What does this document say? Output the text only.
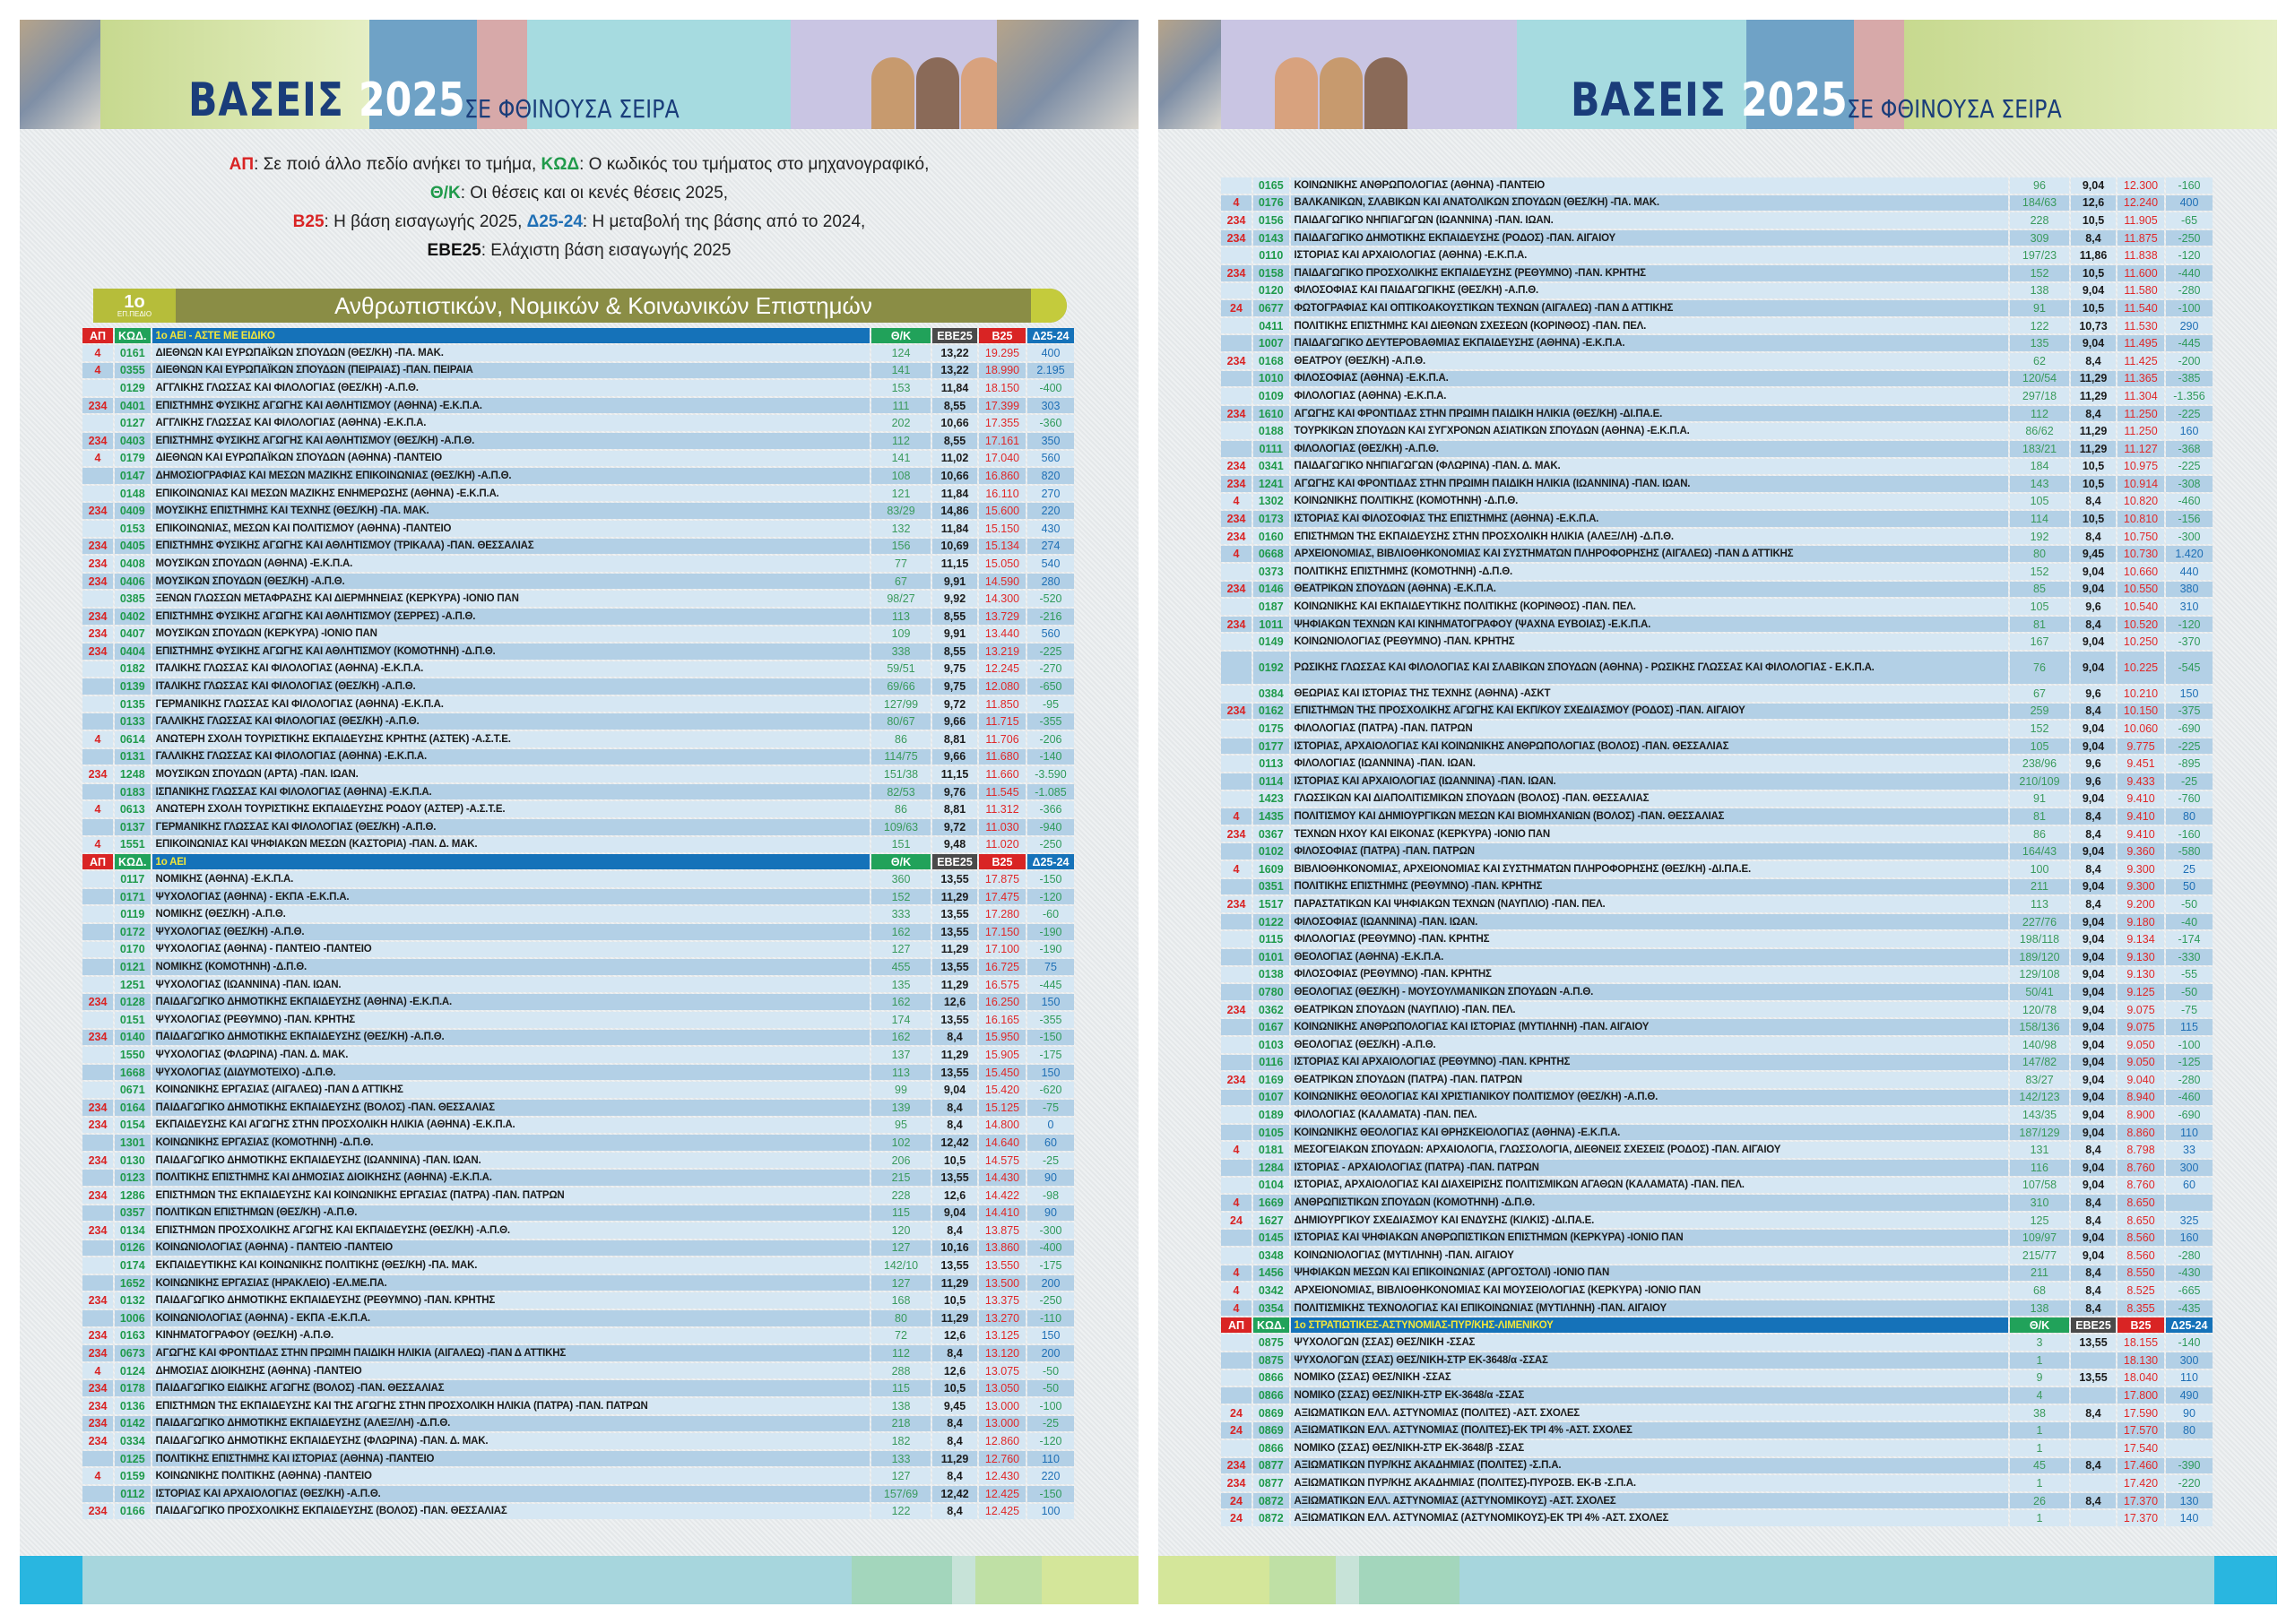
ΒΑΣΕΙΣ 2025 ΣΕ ΦΘΙΝΟΥΣΑ ΣΕΙΡΑ
ΑΠ: Σε ποιό άλλο πεδίο ανήκει το τμήμα, ΚΩΔ: Ο κωδικός του τμήματος στο μηχανογραφικό,
Θ/Κ: Οι θέσεις και οι κενές θέσεις 2025,
Β25: Η βάση εισαγωγής 2025, Δ25-24: Η μεταβολή της βάσης από το 2024,
ΕΒΕ25: Ελάχιστη βάση εισαγωγής 2025
1ο
ΕΠ.ΠΕΔΙΟ	Ανθρωπιστικών, Νομικών & Κοινωνικών Επιστημών
ΑΠ	ΚΩΔ.	1ο ΑΕΙ - ΑΣΤΕ ΜΕ ΕΙΔΙΚΟ	Θ/Κ	ΕΒΕ25	Β25	Δ25-24
4	0161	ΔΙΕΘΝΩΝ ΚΑΙ ΕΥΡΩΠΑΪΚΩΝ ΣΠΟΥΔΩΝ (ΘΕΣ/ΚΗ) -ΠΑ. ΜΑΚ.	124	13,22	19.295	400
4	0355	ΔΙΕΘΝΩΝ ΚΑΙ ΕΥΡΩΠΑΪΚΩΝ ΣΠΟΥΔΩΝ (ΠΕΙΡΑΙΑΣ) -ΠΑΝ. ΠΕΙΡΑΙΑ	141	13,22	18.990	2.195
	0129	ΑΓΓΛΙΚΗΣ ΓΛΩΣΣΑΣ ΚΑΙ ΦΙΛΟΛΟΓΙΑΣ (ΘΕΣ/ΚΗ) -Α.Π.Θ.	153	11,84	18.150	-400
234	0401	ΕΠΙΣΤΗΜΗΣ ΦΥΣΙΚΗΣ ΑΓΩΓΗΣ ΚΑΙ ΑΘΛΗΤΙΣΜΟΥ (ΑΘΗΝΑ) -Ε.Κ.Π.Α.	111	8,55	17.399	303
	0127	ΑΓΓΛΙΚΗΣ ΓΛΩΣΣΑΣ ΚΑΙ ΦΙΛΟΛΟΓΙΑΣ (ΑΘΗΝΑ) -Ε.Κ.Π.Α.	202	10,66	17.355	-360
234	0403	ΕΠΙΣΤΗΜΗΣ ΦΥΣΙΚΗΣ ΑΓΩΓΗΣ ΚΑΙ ΑΘΛΗΤΙΣΜΟΥ (ΘΕΣ/ΚΗ) -Α.Π.Θ.	112	8,55	17.161	350
4	0179	ΔΙΕΘΝΩΝ ΚΑΙ ΕΥΡΩΠΑΪΚΩΝ ΣΠΟΥΔΩΝ (ΑΘΗΝΑ) -ΠΑΝΤΕΙΟ	141	11,02	17.040	560
	0147	ΔΗΜΟΣΙΟΓΡΑΦΙΑΣ ΚΑΙ ΜΕΣΩΝ ΜΑΖΙΚΗΣ ΕΠΙΚΟΙΝΩΝΙΑΣ (ΘΕΣ/ΚΗ) -Α.Π.Θ.	108	10,66	16.860	820
	0148	ΕΠΙΚΟΙΝΩΝΙΑΣ ΚΑΙ ΜΕΣΩΝ ΜΑΖΙΚΗΣ ΕΝΗΜΕΡΩΣΗΣ (ΑΘΗΝΑ) -Ε.Κ.Π.Α.	121	11,84	16.110	270
234	0409	ΜΟΥΣΙΚΗΣ ΕΠΙΣΤΗΜΗΣ ΚΑΙ ΤΕΧΝΗΣ (ΘΕΣ/ΚΗ) -ΠΑ. ΜΑΚ.	83/29	14,86	15.600	220
	0153	ΕΠΙΚΟΙΝΩΝΙΑΣ, ΜΕΣΩΝ ΚΑΙ ΠΟΛΙΤΙΣΜΟΥ (ΑΘΗΝΑ) -ΠΑΝΤΕΙΟ	132	11,84	15.150	430
234	0405	ΕΠΙΣΤΗΜΗΣ ΦΥΣΙΚΗΣ ΑΓΩΓΗΣ ΚΑΙ ΑΘΛΗΤΙΣΜΟΥ (ΤΡΙΚΑΛΑ) -ΠΑΝ. ΘΕΣΣΑΛΙΑΣ	156	10,69	15.134	274
234	0408	ΜΟΥΣΙΚΩΝ ΣΠΟΥΔΩΝ (ΑΘΗΝΑ) -Ε.Κ.Π.Α.	77	11,15	15.050	540
234	0406	ΜΟΥΣΙΚΩΝ ΣΠΟΥΔΩΝ (ΘΕΣ/ΚΗ) -Α.Π.Θ.	67	9,91	14.590	280
	0385	ΞΕΝΩΝ ΓΛΩΣΣΩΝ ΜΕΤΑΦΡΑΣΗΣ ΚΑΙ ΔΙΕΡΜΗΝΕΙΑΣ (ΚΕΡΚΥΡΑ) -ΙΟΝΙΟ ΠΑΝ	98/27	9,92	14.300	-520
234	0402	ΕΠΙΣΤΗΜΗΣ ΦΥΣΙΚΗΣ ΑΓΩΓΗΣ ΚΑΙ ΑΘΛΗΤΙΣΜΟΥ (ΣΕΡΡΕΣ) -Α.Π.Θ.	113	8,55	13.729	-216
234	0407	ΜΟΥΣΙΚΩΝ ΣΠΟΥΔΩΝ (ΚΕΡΚΥΡΑ) -ΙΟΝΙΟ ΠΑΝ	109	9,91	13.440	560
234	0404	ΕΠΙΣΤΗΜΗΣ ΦΥΣΙΚΗΣ ΑΓΩΓΗΣ ΚΑΙ ΑΘΛΗΤΙΣΜΟΥ (ΚΟΜΟΤΗΝΗ) -Δ.Π.Θ.	338	8,55	13.219	-225
	0182	ΙΤΑΛΙΚΗΣ ΓΛΩΣΣΑΣ ΚΑΙ ΦΙΛΟΛΟΓΙΑΣ (ΑΘΗΝΑ) -Ε.Κ.Π.Α.	59/51	9,75	12.245	-270
	0139	ΙΤΑΛΙΚΗΣ ΓΛΩΣΣΑΣ ΚΑΙ ΦΙΛΟΛΟΓΙΑΣ (ΘΕΣ/ΚΗ) -Α.Π.Θ.	69/66	9,75	12.080	-650
	0135	ΓΕΡΜΑΝΙΚΗΣ ΓΛΩΣΣΑΣ ΚΑΙ ΦΙΛΟΛΟΓΙΑΣ (ΑΘΗΝΑ) -Ε.Κ.Π.Α.	127/99	9,72	11.850	-95
	0133	ΓΑΛΛΙΚΗΣ ΓΛΩΣΣΑΣ ΚΑΙ ΦΙΛΟΛΟΓΙΑΣ (ΘΕΣ/ΚΗ) -Α.Π.Θ.	80/67	9,66	11.715	-355
4	0614	ΑΝΩΤΕΡΗ ΣΧΟΛΗ ΤΟΥΡΙΣΤΙΚΗΣ ΕΚΠΑΙΔΕΥΣΗΣ ΚΡΗΤΗΣ (ΑΣΤΕΚ) -Α.Σ.Τ.Ε.	86	8,81	11.706	-206
	0131	ΓΑΛΛΙΚΗΣ ΓΛΩΣΣΑΣ ΚΑΙ ΦΙΛΟΛΟΓΙΑΣ (ΑΘΗΝΑ) -Ε.Κ.Π.Α.	114/75	9,66	11.680	-140
234	1248	ΜΟΥΣΙΚΩΝ ΣΠΟΥΔΩΝ (ΑΡΤΑ) -ΠΑΝ. ΙΩΑΝ.	151/38	11,15	11.660	-3.590
	0183	ΙΣΠΑΝΙΚΗΣ ΓΛΩΣΣΑΣ ΚΑΙ ΦΙΛΟΛΟΓΙΑΣ (ΑΘΗΝΑ) -Ε.Κ.Π.Α.	82/53	9,76	11.545	-1.085
4	0613	ΑΝΩΤΕΡΗ ΣΧΟΛΗ ΤΟΥΡΙΣΤΙΚΗΣ ΕΚΠΑΙΔΕΥΣΗΣ ΡΟΔΟΥ (ΑΣΤΕΡ) -Α.Σ.Τ.Ε.	86	8,81	11.312	-366
	0137	ΓΕΡΜΑΝΙΚΗΣ ΓΛΩΣΣΑΣ ΚΑΙ ΦΙΛΟΛΟΓΙΑΣ (ΘΕΣ/ΚΗ) -Α.Π.Θ.	109/63	9,72	11.030	-940
4	1551	ΕΠΙΚΟΙΝΩΝΙΑΣ ΚΑΙ ΨΗΦΙΑΚΩΝ ΜΕΣΩΝ (ΚΑΣΤΟΡΙΑ) -ΠΑΝ. Δ. ΜΑΚ.	151	9,48	11.020	-250
ΑΠ	ΚΩΔ.	1ο ΑΕΙ	Θ/Κ	ΕΒΕ25	Β25	Δ25-24
	0117	ΝΟΜΙΚΗΣ (ΑΘΗΝΑ) -Ε.Κ.Π.Α.	360	13,55	17.875	-150
	0171	ΨΥΧΟΛΟΓΙΑΣ (ΑΘΗΝΑ) - ΕΚΠΑ -Ε.Κ.Π.Α.	152	11,29	17.475	-120
	0119	ΝΟΜΙΚΗΣ (ΘΕΣ/ΚΗ) -Α.Π.Θ.	333	13,55	17.280	-60
	0172	ΨΥΧΟΛΟΓΙΑΣ (ΘΕΣ/ΚΗ) -Α.Π.Θ.	162	13,55	17.150	-190
	0170	ΨΥΧΟΛΟΓΙΑΣ (ΑΘΗΝΑ) - ΠΑΝΤΕΙΟ -ΠΑΝΤΕΙΟ	127	11,29	17.100	-190
	0121	ΝΟΜΙΚΗΣ (ΚΟΜΟΤΗΝΗ) -Δ.Π.Θ.	455	13,55	16.725	75
	1251	ΨΥΧΟΛΟΓΙΑΣ (ΙΩΑΝΝΙΝΑ) -ΠΑΝ. ΙΩΑΝ.	135	11,29	16.575	-445
234	0128	ΠΑΙΔΑΓΩΓΙΚΟ ΔΗΜΟΤΙΚΗΣ ΕΚΠΑΙΔΕΥΣΗΣ (ΑΘΗΝΑ) -Ε.Κ.Π.Α.	162	12,6	16.250	150
	0151	ΨΥΧΟΛΟΓΙΑΣ (ΡΕΘΥΜΝΟ) -ΠΑΝ. ΚΡΗΤΗΣ	174	13,55	16.165	-355
234	0140	ΠΑΙΔΑΓΩΓΙΚΟ ΔΗΜΟΤΙΚΗΣ ΕΚΠΑΙΔΕΥΣΗΣ (ΘΕΣ/ΚΗ) -Α.Π.Θ.	162	8,4	15.950	-150
	1550	ΨΥΧΟΛΟΓΙΑΣ (ΦΛΩΡΙΝΑ) -ΠΑΝ. Δ. ΜΑΚ.	137	11,29	15.905	-175
	1668	ΨΥΧΟΛΟΓΙΑΣ (ΔΙΔΥΜΟΤΕΙΧΟ) -Δ.Π.Θ.	113	13,55	15.450	150
	0671	ΚΟΙΝΩΝΙΚΗΣ ΕΡΓΑΣΙΑΣ (ΑΙΓΑΛΕΩ) -ΠΑΝ Δ ΑΤΤΙΚΗΣ	99	9,04	15.420	-620
234	0164	ΠΑΙΔΑΓΩΓΙΚΟ ΔΗΜΟΤΙΚΗΣ ΕΚΠΑΙΔΕΥΣΗΣ (ΒΟΛΟΣ) -ΠΑΝ. ΘΕΣΣΑΛΙΑΣ	139	8,4	15.125	-75
234	0154	ΕΚΠΑΙΔΕΥΣΗΣ ΚΑΙ ΑΓΩΓΗΣ ΣΤΗΝ ΠΡΟΣΧΟΛΙΚΗ ΗΛΙΚΙΑ (ΑΘΗΝΑ) -Ε.Κ.Π.Α.	95	8,4	14.800	0
	1301	ΚΟΙΝΩΝΙΚΗΣ ΕΡΓΑΣΙΑΣ (ΚΟΜΟΤΗΝΗ) -Δ.Π.Θ.	102	12,42	14.640	60
234	0130	ΠΑΙΔΑΓΩΓΙΚΟ ΔΗΜΟΤΙΚΗΣ ΕΚΠΑΙΔΕΥΣΗΣ (ΙΩΑΝΝΙΝΑ) -ΠΑΝ. ΙΩΑΝ.	206	10,5	14.575	-25
	0123	ΠΟΛΙΤΙΚΗΣ ΕΠΙΣΤΗΜΗΣ ΚΑΙ ΔΗΜΟΣΙΑΣ ΔΙΟΙΚΗΣΗΣ (ΑΘΗΝΑ) -Ε.Κ.Π.Α.	215	13,55	14.430	90
234	1286	ΕΠΙΣΤΗΜΩΝ ΤΗΣ ΕΚΠΑΙΔΕΥΣΗΣ ΚΑΙ ΚΟΙΝΩΝΙΚΗΣ ΕΡΓΑΣΙΑΣ (ΠΑΤΡΑ) -ΠΑΝ. ΠΑΤΡΩΝ	228	12,6	14.422	-98
	0357	ΠΟΛΙΤΙΚΩΝ ΕΠΙΣΤΗΜΩΝ (ΘΕΣ/ΚΗ) -Α.Π.Θ.	115	9,04	14.410	90
234	0134	ΕΠΙΣΤΗΜΩΝ ΠΡΟΣΧΟΛΙΚΗΣ ΑΓΩΓΗΣ ΚΑΙ ΕΚΠΑΙΔΕΥΣΗΣ (ΘΕΣ/ΚΗ) -Α.Π.Θ.	120	8,4	13.875	-300
	0126	ΚΟΙΝΩΝΙΟΛΟΓΙΑΣ (ΑΘΗΝΑ) - ΠΑΝΤΕΙΟ -ΠΑΝΤΕΙΟ	127	10,16	13.860	-400
	0174	ΕΚΠΑΙΔΕΥΤΙΚΗΣ ΚΑΙ ΚΟΙΝΩΝΙΚΗΣ ΠΟΛΙΤΙΚΗΣ (ΘΕΣ/ΚΗ) -ΠΑ. ΜΑΚ.	142/10	13,55	13.550	-175
	1652	ΚΟΙΝΩΝΙΚΗΣ ΕΡΓΑΣΙΑΣ (ΗΡΑΚΛΕΙΟ) -ΕΛ.ΜΕ.ΠΑ.	127	11,29	13.500	200
234	0132	ΠΑΙΔΑΓΩΓΙΚΟ ΔΗΜΟΤΙΚΗΣ ΕΚΠΑΙΔΕΥΣΗΣ (ΡΕΘΥΜΝΟ) -ΠΑΝ. ΚΡΗΤΗΣ	168	10,5	13.375	-250
	1006	ΚΟΙΝΩΝΙΟΛΟΓΙΑΣ (ΑΘΗΝΑ) - ΕΚΠΑ -Ε.Κ.Π.Α.	80	11,29	13.270	-110
234	0163	ΚΙΝΗΜΑΤΟΓΡΑΦΟΥ (ΘΕΣ/ΚΗ) -Α.Π.Θ.	72	12,6	13.125	150
234	0673	ΑΓΩΓΗΣ ΚΑΙ ΦΡΟΝΤΙΔΑΣ ΣΤΗΝ ΠΡΩΙΜΗ ΠΑΙΔΙΚΗ ΗΛΙΚΙΑ (ΑΙΓΑΛΕΩ) -ΠΑΝ Δ ΑΤΤΙΚΗΣ	112	8,4	13.120	200
4	0124	ΔΗΜΟΣΙΑΣ ΔΙΟΙΚΗΣΗΣ (ΑΘΗΝΑ) -ΠΑΝΤΕΙΟ	288	12,6	13.075	-50
234	0178	ΠΑΙΔΑΓΩΓΙΚΟ ΕΙΔΙΚΗΣ ΑΓΩΓΗΣ (ΒΟΛΟΣ) -ΠΑΝ. ΘΕΣΣΑΛΙΑΣ	115	10,5	13.050	-50
234	0136	ΕΠΙΣΤΗΜΩΝ ΤΗΣ ΕΚΠΑΙΔΕΥΣΗΣ ΚΑΙ ΤΗΣ ΑΓΩΓΗΣ ΣΤΗΝ ΠΡΟΣΧΟΛΙΚΗ ΗΛΙΚΙΑ (ΠΑΤΡΑ) -ΠΑΝ. ΠΑΤΡΩΝ	138	9,45	13.000	-100
234	0142	ΠΑΙΔΑΓΩΓΙΚΟ ΔΗΜΟΤΙΚΗΣ ΕΚΠΑΙΔΕΥΣΗΣ (ΑΛΕΞ/ΛΗ) -Δ.Π.Θ.	218	8,4	13.000	-25
234	0334	ΠΑΙΔΑΓΩΓΙΚΟ ΔΗΜΟΤΙΚΗΣ ΕΚΠΑΙΔΕΥΣΗΣ (ΦΛΩΡΙΝΑ) -ΠΑΝ. Δ. ΜΑΚ.	182	8,4	12.860	-120
	0125	ΠΟΛΙΤΙΚΗΣ ΕΠΙΣΤΗΜΗΣ ΚΑΙ ΙΣΤΟΡΙΑΣ (ΑΘΗΝΑ) -ΠΑΝΤΕΙΟ	133	11,29	12.760	110
4	0159	ΚΟΙΝΩΝΙΚΗΣ ΠΟΛΙΤΙΚΗΣ (ΑΘΗΝΑ) -ΠΑΝΤΕΙΟ	127	8,4	12.430	220
	0112	ΙΣΤΟΡΙΑΣ ΚΑΙ ΑΡΧΑΙΟΛΟΓΙΑΣ (ΘΕΣ/ΚΗ) -Α.Π.Θ.	157/69	12,42	12.425	-150
234	0166	ΠΑΙΔΑΓΩΓΙΚΟ ΠΡΟΣΧΟΛΙΚΗΣ ΕΚΠΑΙΔΕΥΣΗΣ (ΒΟΛΟΣ) -ΠΑΝ. ΘΕΣΣΑΛΙΑΣ	122	8,4	12.425	100
ΒΑΣΕΙΣ 2025 ΣΕ ΦΘΙΝΟΥΣΑ ΣΕΙΡΑ
	0165	ΚΟΙΝΩΝΙΚΗΣ ΑΝΘΡΩΠΟΛΟΓΙΑΣ (ΑΘΗΝΑ) -ΠΑΝΤΕΙΟ	96	9,04	12.300	-160
4	0176	ΒΑΛΚΑΝΙΚΩΝ, ΣΛΑΒΙΚΩΝ ΚΑΙ ΑΝΑΤΟΛΙΚΩΝ ΣΠΟΥΔΩΝ (ΘΕΣ/ΚΗ) -ΠΑ. ΜΑΚ.	184/63	12,6	12.240	400
234	0156	ΠΑΙΔΑΓΩΓΙΚΟ ΝΗΠΙΑΓΩΓΩΝ (ΙΩΑΝΝΙΝΑ) -ΠΑΝ. ΙΩΑΝ.	228	10,5	11.905	-65
234	0143	ΠΑΙΔΑΓΩΓΙΚΟ ΔΗΜΟΤΙΚΗΣ ΕΚΠΑΙΔΕΥΣΗΣ (ΡΟΔΟΣ) -ΠΑΝ. ΑΙΓΑΙΟΥ	309	8,4	11.875	-250
	0110	ΙΣΤΟΡΙΑΣ ΚΑΙ ΑΡΧΑΙΟΛΟΓΙΑΣ (ΑΘΗΝΑ) -Ε.Κ.Π.Α.	197/23	11,86	11.838	-120
234	0158	ΠΑΙΔΑΓΩΓΙΚΟ ΠΡΟΣΧΟΛΙΚΗΣ ΕΚΠΑΙΔΕΥΣΗΣ (ΡΕΘΥΜΝΟ) -ΠΑΝ. ΚΡΗΤΗΣ	152	10,5	11.600	-440
	0120	ΦΙΛΟΣΟΦΙΑΣ ΚΑΙ ΠΑΙΔΑΓΩΓΙΚΗΣ (ΘΕΣ/ΚΗ) -Α.Π.Θ.	138	9,04	11.580	-280
24	0677	ΦΩΤΟΓΡΑΦΙΑΣ ΚΑΙ ΟΠΤΙΚΟΑΚΟΥΣΤΙΚΩΝ ΤΕΧΝΩΝ (ΑΙΓΑΛΕΩ) -ΠΑΝ Δ ΑΤΤΙΚΗΣ	91	10,5	11.540	-100
	0411	ΠΟΛΙΤΙΚΗΣ ΕΠΙΣΤΗΜΗΣ ΚΑΙ ΔΙΕΘΝΩΝ ΣΧΕΣΕΩΝ (ΚΟΡΙΝΘΟΣ) -ΠΑΝ. ΠΕΛ.	122	10,73	11.530	290
	1007	ΠΑΙΔΑΓΩΓΙΚΟ ΔΕΥΤΕΡΟΒΑΘΜΙΑΣ ΕΚΠΑΙΔΕΥΣΗΣ (ΑΘΗΝΑ) -Ε.Κ.Π.Α.	135	9,04	11.495	-445
234	0168	ΘΕΑΤΡΟΥ (ΘΕΣ/ΚΗ) -Α.Π.Θ.	62	8,4	11.425	-200
	1010	ΦΙΛΟΣΟΦΙΑΣ (ΑΘΗΝΑ) -Ε.Κ.Π.Α.	120/54	11,29	11.365	-385
	0109	ΦΙΛΟΛΟΓΙΑΣ (ΑΘΗΝΑ) -Ε.Κ.Π.Α.	297/18	11,29	11.304	-1.356
234	1610	ΑΓΩΓΗΣ ΚΑΙ ΦΡΟΝΤΙΔΑΣ ΣΤΗΝ ΠΡΩΙΜΗ ΠΑΙΔΙΚΗ ΗΛΙΚΙΑ (ΘΕΣ/ΚΗ) -ΔΙ.ΠΑ.Ε.	112	8,4	11.250	-225
	0188	ΤΟΥΡΚΙΚΩΝ ΣΠΟΥΔΩΝ ΚΑΙ ΣΥΓΧΡΟΝΩΝ ΑΣΙΑΤΙΚΩΝ ΣΠΟΥΔΩΝ (ΑΘΗΝΑ) -Ε.Κ.Π.Α.	86/62	11,29	11.250	160
	0111	ΦΙΛΟΛΟΓΙΑΣ (ΘΕΣ/ΚΗ) -Α.Π.Θ.	183/21	11,29	11.127	-368
234	0341	ΠΑΙΔΑΓΩΓΙΚΟ ΝΗΠΙΑΓΩΓΩΝ (ΦΛΩΡΙΝΑ) -ΠΑΝ. Δ. ΜΑΚ.	184	10,5	10.975	-225
234	1241	ΑΓΩΓΗΣ ΚΑΙ ΦΡΟΝΤΙΔΑΣ ΣΤΗΝ ΠΡΩΙΜΗ ΠΑΙΔΙΚΗ ΗΛΙΚΙΑ (ΙΩΑΝΝΙΝΑ) -ΠΑΝ. ΙΩΑΝ.	143	10,5	10.914	-308
4	1302	ΚΟΙΝΩΝΙΚΗΣ ΠΟΛΙΤΙΚΗΣ (ΚΟΜΟΤΗΝΗ) -Δ.Π.Θ.	105	8,4	10.820	-460
234	0173	ΙΣΤΟΡΙΑΣ ΚΑΙ ΦΙΛΟΣΟΦΙΑΣ ΤΗΣ ΕΠΙΣΤΗΜΗΣ (ΑΘΗΝΑ) -Ε.Κ.Π.Α.	114	10,5	10.810	-156
234	0160	ΕΠΙΣΤΗΜΩΝ ΤΗΣ ΕΚΠΑΙΔΕΥΣΗΣ ΣΤΗΝ ΠΡΟΣΧΟΛΙΚΗ ΗΛΙΚΙΑ (ΑΛΕΞ/ΛΗ) -Δ.Π.Θ.	192	8,4	10.750	-300
4	0668	ΑΡΧΕΙΟΝΟΜΙΑΣ, ΒΙΒΛΙΟΘΗΚΟΝΟΜΙΑΣ ΚΑΙ ΣΥΣΤΗΜΑΤΩΝ ΠΛΗΡΟΦΟΡΗΣΗΣ (ΑΙΓΑΛΕΩ) -ΠΑΝ Δ ΑΤΤΙΚΗΣ	80	9,45	10.730	1.420
	0373	ΠΟΛΙΤΙΚΗΣ ΕΠΙΣΤΗΜΗΣ (ΚΟΜΟΤΗΝΗ) -Δ.Π.Θ.	152	9,04	10.660	440
234	0146	ΘΕΑΤΡΙΚΩΝ ΣΠΟΥΔΩΝ (ΑΘΗΝΑ) -Ε.Κ.Π.Α.	85	9,04	10.550	380
	0187	ΚΟΙΝΩΝΙΚΗΣ ΚΑΙ ΕΚΠΑΙΔΕΥΤΙΚΗΣ ΠΟΛΙΤΙΚΗΣ (ΚΟΡΙΝΘΟΣ) -ΠΑΝ. ΠΕΛ.	105	9,6	10.540	310
234	1011	ΨΗΦΙΑΚΩΝ ΤΕΧΝΩΝ ΚΑΙ ΚΙΝΗΜΑΤΟΓΡΑΦΟΥ (ΨΑΧΝΑ ΕΥΒΟΙΑΣ) -Ε.Κ.Π.Α.	81	8,4	10.520	-120
	0149	ΚΟΙΝΩΝΙΟΛΟΓΙΑΣ (ΡΕΘΥΜΝΟ) -ΠΑΝ. ΚΡΗΤΗΣ	167	9,04	10.250	-370
	0192	ΡΩΣΙΚΗΣ ΓΛΩΣΣΑΣ ΚΑΙ ΦΙΛΟΛΟΓΙΑΣ ΚΑΙ ΣΛΑΒΙΚΩΝ ΣΠΟΥΔΩΝ (ΑΘΗΝΑ) - ΡΩΣΙΚΗΣ ΓΛΩΣΣΑΣ ΚΑΙ ΦΙΛΟΛΟΓΙΑΣ - Ε.Κ.Π.Α.	76	9,04	10.225	-545
	0384	ΘΕΩΡΙΑΣ ΚΑΙ ΙΣΤΟΡΙΑΣ ΤΗΣ ΤΕΧΝΗΣ (ΑΘΗΝΑ) -ΑΣΚΤ	67	9,6	10.210	150
234	0162	ΕΠΙΣΤΗΜΩΝ ΤΗΣ ΠΡΟΣΧΟΛΙΚΗΣ ΑΓΩΓΗΣ ΚΑΙ ΕΚΠ/ΚΟΥ ΣΧΕΔΙΑΣΜΟΥ (ΡΟΔΟΣ) -ΠΑΝ. ΑΙΓΑΙΟΥ	259	8,4	10.150	-375
	0175	ΦΙΛΟΛΟΓΙΑΣ (ΠΑΤΡΑ) -ΠΑΝ. ΠΑΤΡΩΝ	152	9,04	10.060	-690
	0177	ΙΣΤΟΡΙΑΣ, ΑΡΧΑΙΟΛΟΓΙΑΣ ΚΑΙ ΚΟΙΝΩΝΙΚΗΣ ΑΝΘΡΩΠΟΛΟΓΙΑΣ (ΒΟΛΟΣ) -ΠΑΝ. ΘΕΣΣΑΛΙΑΣ	105	9,04	9.775	-225
	0113	ΦΙΛΟΛΟΓΙΑΣ (ΙΩΑΝΝΙΝΑ) -ΠΑΝ. ΙΩΑΝ.	238/96	9,6	9.451	-895
	0114	ΙΣΤΟΡΙΑΣ ΚΑΙ ΑΡΧΑΙΟΛΟΓΙΑΣ (ΙΩΑΝΝΙΝΑ) -ΠΑΝ. ΙΩΑΝ.	210/109	9,6	9.433	-25
	1423	ΓΛΩΣΣΙΚΩΝ ΚΑΙ ΔΙΑΠΟΛΙΤΙΣΜΙΚΩΝ ΣΠΟΥΔΩΝ (ΒΟΛΟΣ) -ΠΑΝ. ΘΕΣΣΑΛΙΑΣ	91	9,04	9.410	-760
4	1435	ΠΟΛΙΤΙΣΜΟΥ ΚΑΙ ΔΗΜΙΟΥΡΓΙΚΩΝ ΜΕΣΩΝ ΚΑΙ ΒΙΟΜΗΧΑΝΙΩΝ (ΒΟΛΟΣ) -ΠΑΝ. ΘΕΣΣΑΛΙΑΣ	81	8,4	9.410	80
234	0367	ΤΕΧΝΩΝ ΗΧΟΥ ΚΑΙ ΕΙΚΟΝΑΣ (ΚΕΡΚΥΡΑ) -ΙΟΝΙΟ ΠΑΝ	86	8,4	9.410	-160
	0102	ΦΙΛΟΣΟΦΙΑΣ (ΠΑΤΡΑ) -ΠΑΝ. ΠΑΤΡΩΝ	164/43	9,04	9.360	-580
4	1609	ΒΙΒΛΙΟΘΗΚΟΝΟΜΙΑΣ, ΑΡΧΕΙΟΝΟΜΙΑΣ ΚΑΙ ΣΥΣΤΗΜΑΤΩΝ ΠΛΗΡΟΦΟΡΗΣΗΣ (ΘΕΣ/ΚΗ) -ΔΙ.ΠΑ.Ε.	100	8,4	9.300	25
	0351	ΠΟΛΙΤΙΚΗΣ ΕΠΙΣΤΗΜΗΣ (ΡΕΘΥΜΝΟ) -ΠΑΝ. ΚΡΗΤΗΣ	211	9,04	9.300	50
234	1517	ΠΑΡΑΣΤΑΤΙΚΩΝ ΚΑΙ ΨΗΦΙΑΚΩΝ ΤΕΧΝΩΝ (ΝΑΥΠΛΙΟ) -ΠΑΝ. ΠΕΛ.	113	8,4	9.200	-50
	0122	ΦΙΛΟΣΟΦΙΑΣ (ΙΩΑΝΝΙΝΑ) -ΠΑΝ. ΙΩΑΝ.	227/76	9,04	9.180	-40
	0115	ΦΙΛΟΛΟΓΙΑΣ (ΡΕΘΥΜΝΟ) -ΠΑΝ. ΚΡΗΤΗΣ	198/118	9,04	9.134	-174
	0101	ΘΕΟΛΟΓΙΑΣ (ΑΘΗΝΑ) -Ε.Κ.Π.Α.	189/120	9,04	9.130	-330
	0138	ΦΙΛΟΣΟΦΙΑΣ (ΡΕΘΥΜΝΟ) -ΠΑΝ. ΚΡΗΤΗΣ	129/108	9,04	9.130	-55
	0780	ΘΕΟΛΟΓΙΑΣ (ΘΕΣ/ΚΗ) - ΜΟΥΣΟΥΛΜΑΝΙΚΩΝ ΣΠΟΥΔΩΝ -Α.Π.Θ.	50/41	9,04	9.125	-50
234	0362	ΘΕΑΤΡΙΚΩΝ ΣΠΟΥΔΩΝ (ΝΑΥΠΛΙΟ) -ΠΑΝ. ΠΕΛ.	120/78	9,04	9.075	-75
	0167	ΚΟΙΝΩΝΙΚΗΣ ΑΝΘΡΩΠΟΛΟΓΙΑΣ ΚΑΙ ΙΣΤΟΡΙΑΣ (ΜΥΤΙΛΗΝΗ) -ΠΑΝ. ΑΙΓΑΙΟΥ	158/136	9,04	9.075	115
	0103	ΘΕΟΛΟΓΙΑΣ (ΘΕΣ/ΚΗ) -Α.Π.Θ.	140/98	9,04	9.050	-100
	0116	ΙΣΤΟΡΙΑΣ ΚΑΙ ΑΡΧΑΙΟΛΟΓΙΑΣ (ΡΕΘΥΜΝΟ) -ΠΑΝ. ΚΡΗΤΗΣ	147/82	9,04	9.050	-125
234	0169	ΘΕΑΤΡΙΚΩΝ ΣΠΟΥΔΩΝ (ΠΑΤΡΑ) -ΠΑΝ. ΠΑΤΡΩΝ	83/27	9,04	9.040	-280
	0107	ΚΟΙΝΩΝΙΚΗΣ ΘΕΟΛΟΓΙΑΣ ΚΑΙ ΧΡΙΣΤΙΑΝΙΚΟΥ ΠΟΛΙΤΙΣΜΟΥ (ΘΕΣ/ΚΗ) -Α.Π.Θ.	142/123	9,04	8.940	-460
	0189	ΦΙΛΟΛΟΓΙΑΣ (ΚΑΛΑΜΑΤΑ) -ΠΑΝ. ΠΕΛ.	143/35	9,04	8.900	-690
	0105	ΚΟΙΝΩΝΙΚΗΣ ΘΕΟΛΟΓΙΑΣ ΚΑΙ ΘΡΗΣΚΕΙΟΛΟΓΙΑΣ (ΑΘΗΝΑ) -Ε.Κ.Π.Α.	187/129	9,04	8.860	110
4	0181	ΜΕΣΟΓΕΙΑΚΩΝ ΣΠΟΥΔΩΝ: ΑΡΧΑΙΟΛΟΓΙΑ, ΓΛΩΣΣΟΛΟΓΙΑ, ΔΙΕΘΝΕΙΣ ΣΧΕΣΕΙΣ (ΡΟΔΟΣ) -ΠΑΝ. ΑΙΓΑΙΟΥ	131	8,4	8.798	33
	1284	ΙΣΤΟΡΙΑΣ - ΑΡΧΑΙΟΛΟΓΙΑΣ (ΠΑΤΡΑ) -ΠΑΝ. ΠΑΤΡΩΝ	116	9,04	8.760	300
	0104	ΙΣΤΟΡΙΑΣ, ΑΡΧΑΙΟΛΟΓΙΑΣ ΚΑΙ ΔΙΑΧΕΙΡΙΣΗΣ ΠΟΛΙΤΙΣΜΙΚΩΝ ΑΓΑΘΩΝ (ΚΑΛΑΜΑΤΑ) -ΠΑΝ. ΠΕΛ.	107/58	9,04	8.760	60
4	1669	ΑΝΘΡΩΠΙΣΤΙΚΩΝ ΣΠΟΥΔΩΝ (ΚΟΜΟΤΗΝΗ) -Δ.Π.Θ.	310	8,4	8.650	
24	1627	ΔΗΜΙΟΥΡΓΙΚΟΥ ΣΧΕΔΙΑΣΜΟΥ ΚΑΙ ΕΝΔΥΣΗΣ (ΚΙΛΚΙΣ) -ΔΙ.ΠΑ.Ε.	125	8,4	8.650	325
	0145	ΙΣΤΟΡΙΑΣ ΚΑΙ ΨΗΦΙΑΚΩΝ ΑΝΘΡΩΠΙΣΤΙΚΩΝ ΕΠΙΣΤΗΜΩΝ (ΚΕΡΚΥΡΑ) -ΙΟΝΙΟ ΠΑΝ	109/97	9,04	8.560	160
	0348	ΚΟΙΝΩΝΙΟΛΟΓΙΑΣ (ΜΥΤΙΛΗΝΗ) -ΠΑΝ. ΑΙΓΑΙΟΥ	215/77	9,04	8.560	-280
4	1456	ΨΗΦΙΑΚΩΝ ΜΕΣΩΝ ΚΑΙ ΕΠΙΚΟΙΝΩΝΙΑΣ (ΑΡΓΟΣΤΟΛΙ) -ΙΟΝΙΟ ΠΑΝ	211	8,4	8.550	-430
4	0342	ΑΡΧΕΙΟΝΟΜΙΑΣ, ΒΙΒΛΙΟΘΗΚΟΝΟΜΙΑΣ ΚΑΙ ΜΟΥΣΕΙΟΛΟΓΙΑΣ (ΚΕΡΚΥΡΑ) -ΙΟΝΙΟ ΠΑΝ	68	8,4	8.525	-665
4	0354	ΠΟΛΙΤΙΣΜΙΚΗΣ ΤΕΧΝΟΛΟΓΙΑΣ ΚΑΙ ΕΠΙΚΟΙΝΩΝΙΑΣ (ΜΥΤΙΛΗΝΗ) -ΠΑΝ. ΑΙΓΑΙΟΥ	138	8,4	8.355	-435
ΑΠ	ΚΩΔ.	1ο ΣΤΡΑΤΙΩΤΙΚΕΣ-ΑΣΤΥΝΟΜΙΑΣ-ΠΥΡ/ΚΗΣ-ΛΙΜΕΝΙΚΟΥ	Θ/Κ	ΕΒΕ25	Β25	Δ25-24
	0875	ΨΥΧΟΛΟΓΩΝ (ΣΣΑΣ) ΘΕΣ/ΝΙΚΗ -ΣΣΑΣ	3	13,55	18.155	-140
	0875	ΨΥΧΟΛΟΓΩΝ (ΣΣΑΣ) ΘΕΣ/ΝΙΚΗ-ΣΤΡ ΕΚ-3648/α -ΣΣΑΣ	1		18.130	300
	0866	ΝΟΜΙΚΟ (ΣΣΑΣ) ΘΕΣ/ΝΙΚΗ -ΣΣΑΣ	9	13,55	18.040	110
	0866	ΝΟΜΙΚΟ (ΣΣΑΣ) ΘΕΣ/ΝΙΚΗ-ΣΤΡ ΕΚ-3648/α -ΣΣΑΣ	4		17.800	490
24	0869	ΑΞΙΩΜΑΤΙΚΩΝ ΕΛΛ. ΑΣΤΥΝΟΜΙΑΣ (ΠΟΛΙΤΕΣ) -ΑΣΤ. ΣΧΟΛΕΣ	38	8,4	17.590	90
24	0869	ΑΞΙΩΜΑΤΙΚΩΝ ΕΛΛ. ΑΣΤΥΝΟΜΙΑΣ (ΠΟΛΙΤΕΣ)-ΕΚ ΤΡΙ 4% -ΑΣΤ. ΣΧΟΛΕΣ	1		17.570	80
	0866	ΝΟΜΙΚΟ (ΣΣΑΣ) ΘΕΣ/ΝΙΚΗ-ΣΤΡ ΕΚ-3648/β -ΣΣΑΣ	1		17.540	
234	0877	ΑΞΙΩΜΑΤΙΚΩΝ ΠΥΡ/ΚΗΣ ΑΚΑΔΗΜΙΑΣ (ΠΟΛΙΤΕΣ) -Σ.Π.Α.	45	8,4	17.460	-390
234	0877	ΑΞΙΩΜΑΤΙΚΩΝ ΠΥΡ/ΚΗΣ ΑΚΑΔΗΜΙΑΣ (ΠΟΛΙΤΕΣ)-ΠΥΡΟΣΒ. ΕΚ-Β -Σ.Π.Α.	1		17.420	-220
24	0872	ΑΞΙΩΜΑΤΙΚΩΝ ΕΛΛ. ΑΣΤΥΝΟΜΙΑΣ (ΑΣΤΥΝΟΜΙΚΟΥΣ) -ΑΣΤ. ΣΧΟΛΕΣ	26	8,4	17.370	130
24	0872	ΑΞΙΩΜΑΤΙΚΩΝ ΕΛΛ. ΑΣΤΥΝΟΜΙΑΣ (ΑΣΤΥΝΟΜΙΚΟΥΣ)-ΕΚ ΤΡΙ 4% -ΑΣΤ. ΣΧΟΛΕΣ	1		17.370	140
